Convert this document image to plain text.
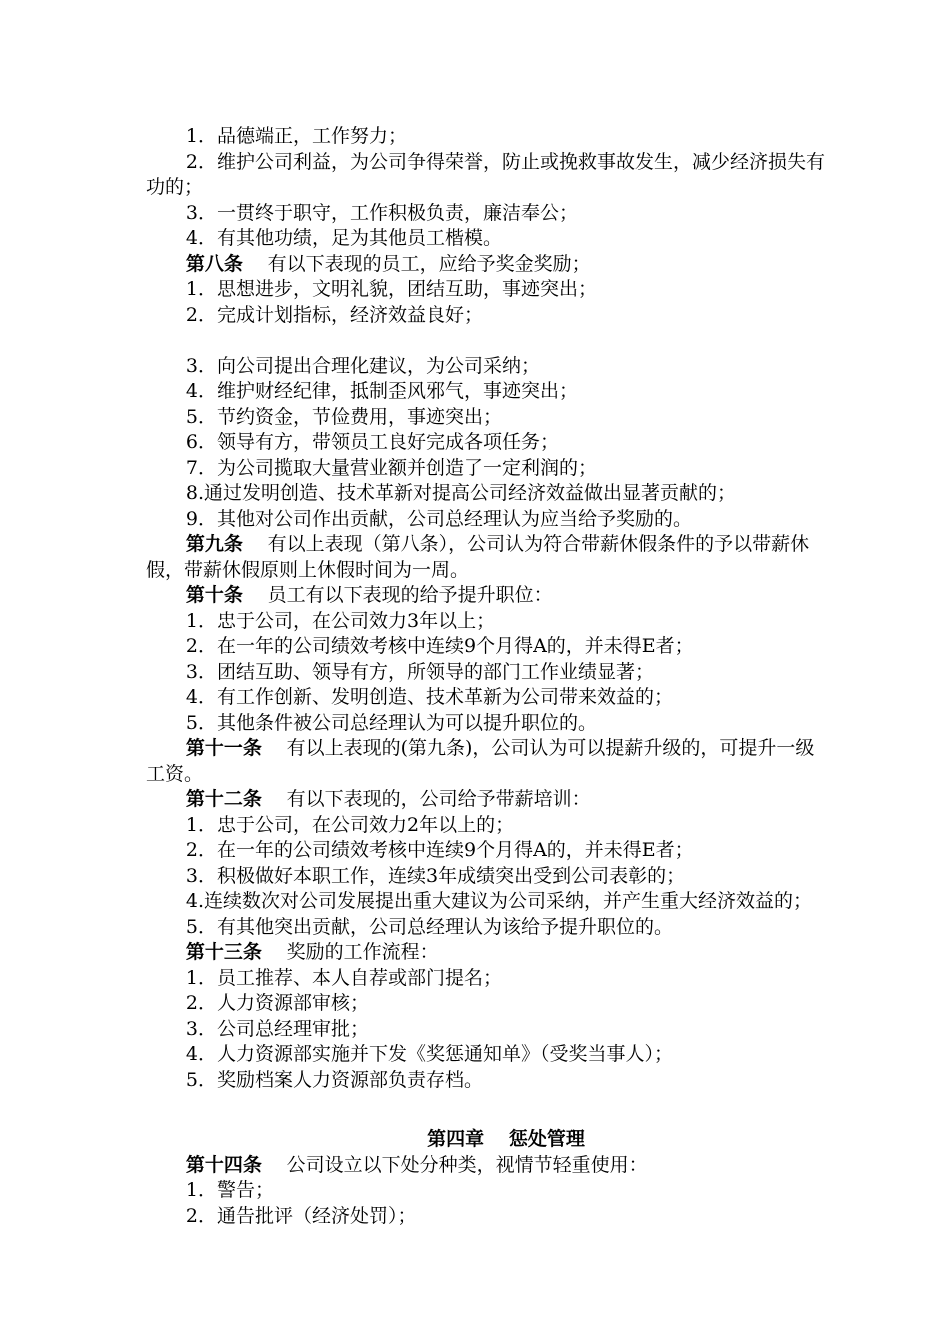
1．品德端正，工作努力；

2．维护公司利益，为公司争得荣誉，防止或挽救事故发生，减少经济损失有功的；

3．一贯终于职守，工作积极负责，廉洁奉公；

4．有其他功绩，足为其他员工楷模。

第八条 有以下表现的员工，应给予奖金奖励；

1．思想进步，文明礼貌，团结互助，事迹突出；

2．完成计划指标，经济效益良好；

3．向公司提出合理化建议，为公司采纳；

4．维护财经纪律，抵制歪风邪气，事迹突出；

5．节约资金，节俭费用，事迹突出；

6．领导有方，带领员工良好完成各项任务；

7．为公司揽取大量营业额并创造了一定利润的；

8.通过发明创造、技术革新对提高公司经济效益做出显著贡献的；

9．其他对公司作出贡献，公司总经理认为应当给予奖励的。

第九条 有以上表现（第八条），公司认为符合带薪休假条件的予以带薪休假，带薪休假原则上休假时间为一周。

第十条 员工有以下表现的给予提升职位：

1．忠于公司，在公司效力3年以上；

2．在一年的公司绩效考核中连续9个月得A的，并未得E者；

3．团结互助、领导有方，所领导的部门工作业绩显著；

4．有工作创新、发明创造、技术革新为公司带来效益的；

5．其他条件被公司总经理认为可以提升职位的。

第十一条 有以上表现的(第九条)，公司认为可以提薪升级的，可提升一级工资。

第十二条 有以下表现的，公司给予带薪培训：

1．忠于公司，在公司效力2年以上的；

2．在一年的公司绩效考核中连续9个月得A的，并未得E者；

3．积极做好本职工作，连续3年成绩突出受到公司表彰的；

4.连续数次对公司发展提出重大建议为公司采纳，并产生重大经济效益的；

5．有其他突出贡献，公司总经理认为该给予提升职位的。

第十三条 奖励的工作流程：

1．员工推荐、本人自荐或部门提名；

2．人力资源部审核；

3．公司总经理审批；

4．人力资源部实施并下发《奖惩通知单》（受奖当事人）；

5．奖励档案人力资源部负责存档。

第四章 惩处管理

第十四条 公司设立以下处分种类，视情节轻重使用：

1．警告；

2．通告批评（经济处罚）；
